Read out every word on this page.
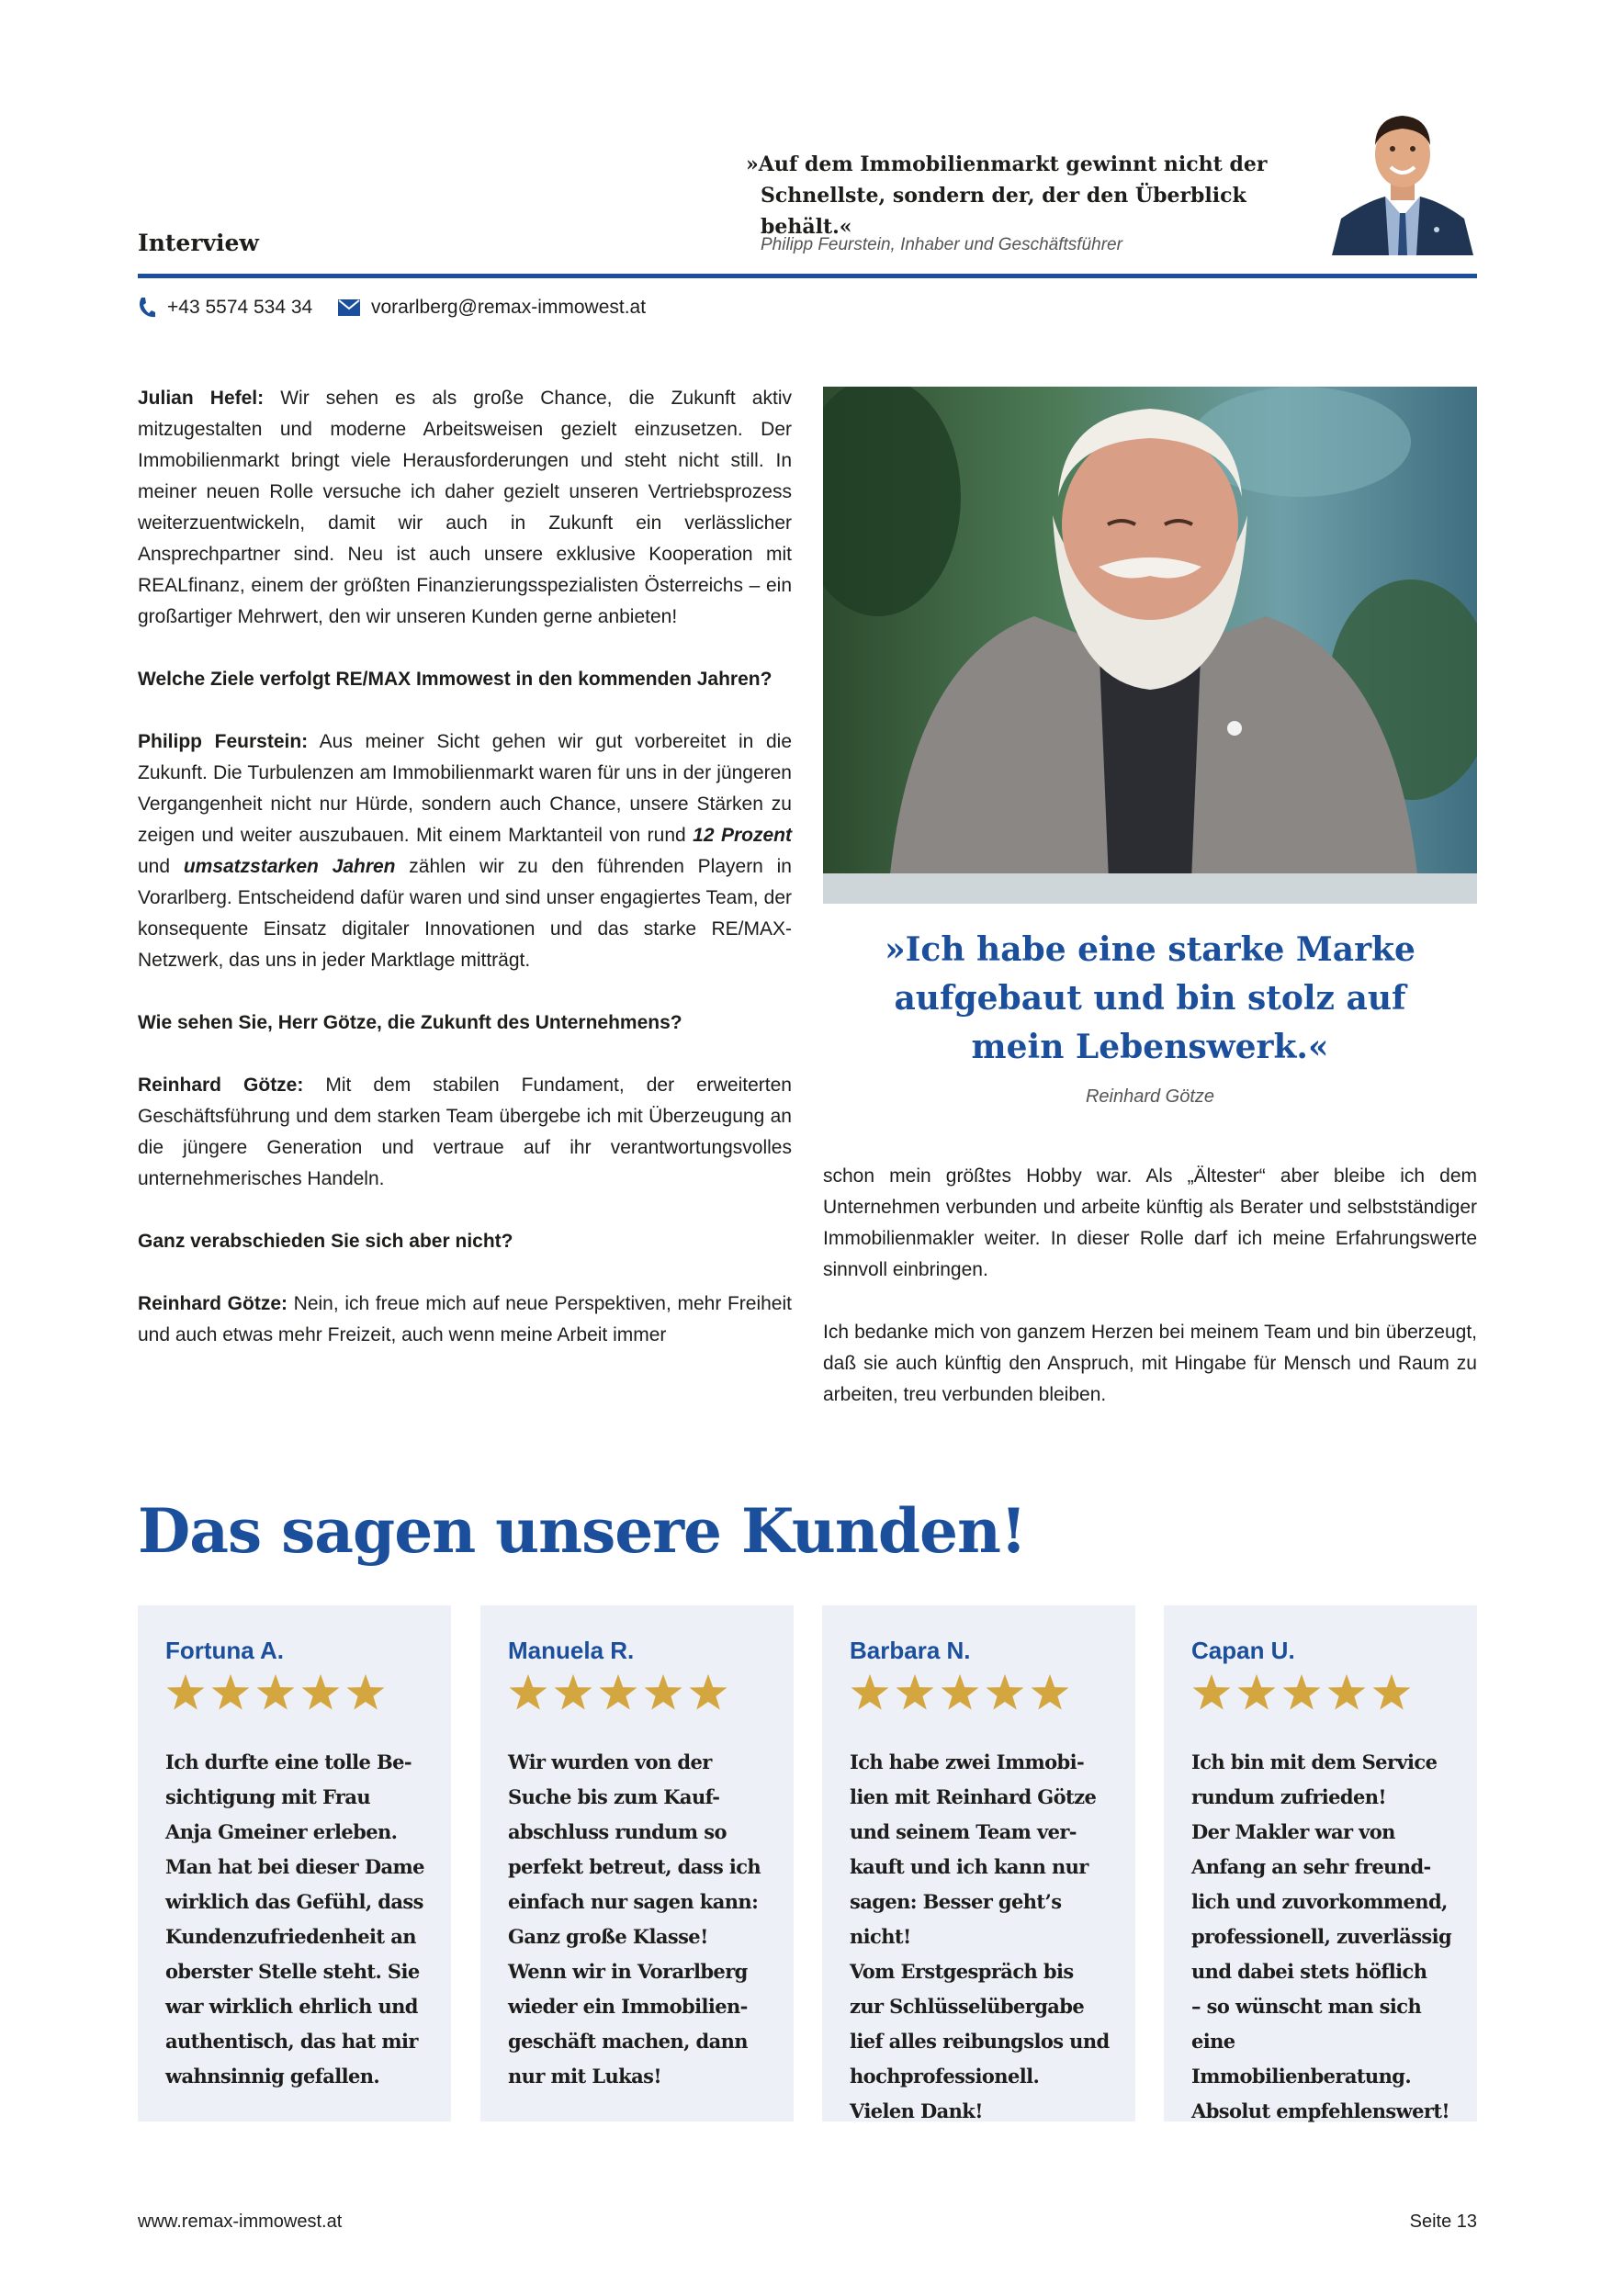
Interview
»Auf dem Immobilienmarkt gewinnt nicht der
Schnellste, sondern der, der den Überblick behält.«
Philipp Feurstein, Inhaber und Geschäftsführer
+43 5574 534 34	vorarlberg@remax-immowest.at

Julian Hefel: Wir sehen es als große Chance, die Zukunft aktiv mitzugestalten und moderne Arbeitsweisen gezielt einzusetzen. Der Immobilienmarkt bringt viele Herausforderungen und steht nicht still. In meiner neuen Rolle versuche ich daher gezielt unseren Vertriebsprozess weiterzuentwickeln, damit wir auch in Zukunft ein verlässlicher Ansprechpartner sind. Neu ist auch unsere exklusive Kooperation mit REALfinanz, einem der größten Finanzierungsspezialisten Österreichs – ein großartiger Mehrwert, den wir unseren Kunden gerne anbieten!

Welche Ziele verfolgt RE/MAX Immowest in den kommenden Jahren?

Philipp Feurstein: Aus meiner Sicht gehen wir gut vorbereitet in die Zukunft. Die Turbulenzen am Immobilienmarkt waren für uns in der jüngeren Vergangenheit nicht nur Hürde, sondern auch Chance, unsere Stärken zu zeigen und weiter auszubauen. Mit einem Marktanteil von rund 12 Prozent und umsatzstarken Jahren zählen wir zu den führenden Playern in Vorarlberg. Entscheidend dafür waren und sind unser engagiertes Team, der konsequente Einsatz digitaler Innovationen und das starke RE/MAX-Netzwerk, das uns in jeder Marktlage mitträgt.

Wie sehen Sie, Herr Götze, die Zukunft des Unternehmens?

Reinhard Götze: Mit dem stabilen Fundament, der erweiterten Geschäftsführung und dem starken Team übergebe ich mit Überzeugung an die jüngere Generation und vertraue auf ihr verantwortungsvolles unternehmerisches Handeln.

Ganz verabschieden Sie sich aber nicht?

Reinhard Götze: Nein, ich freue mich auf neue Perspektiven, mehr Freiheit und auch etwas mehr Freizeit, auch wenn meine Arbeit immer

»Ich habe eine starke Marke
aufgebaut und bin stolz auf
mein Lebenswerk.«
Reinhard Götze

schon mein größtes Hobby war. Als „Ältester“ aber bleibe ich dem Unternehmen verbunden und arbeite künftig als Berater und selbstständiger Immobilienmakler weiter. In dieser Rolle darf ich meine Erfahrungswerte sinnvoll einbringen.

Ich bedanke mich von ganzem Herzen bei meinem Team und bin überzeugt, daß sie auch künftig den Anspruch, mit Hingabe für Mensch und Raum zu arbeiten, treu verbunden bleiben.

Das sagen unsere Kunden!
Fortuna A.
Ich durfte eine tolle Be-
sichtigung mit Frau
Anja Gmeiner erleben.
Man hat bei dieser Dame
wirklich das Gefühl, dass
Kundenzufriedenheit an
oberster Stelle steht. Sie
war wirklich ehrlich und
authentisch, das hat mir
wahnsinnig gefallen.
Manuela R.
Wir wurden von der
Suche bis zum Kauf-
abschluss rundum so
perfekt betreut, dass ich
einfach nur sagen kann:
Ganz große Klasse!
Wenn wir in Vorarlberg
wieder ein Immobilien-
geschäft machen, dann
nur mit Lukas!
Barbara N.
Ich habe zwei Immobi-
lien mit Reinhard Götze
und seinem Team ver-
kauft und ich kann nur
sagen: Besser geht’s nicht!
Vom Erstgespräch bis
zur Schlüsselübergabe
lief alles reibungslos und
hochprofessionell.
Vielen Dank!
Capan U.
Ich bin mit dem Service
rundum zufrieden!
Der Makler war von
Anfang an sehr freund-
lich und zuvorkommend,
professionell, zuverlässig
und dabei stets höflich
– so wünscht man sich
eine Immobilienberatung.
Absolut empfehlenswert!
www.remax-immowest.at	Seite 13
